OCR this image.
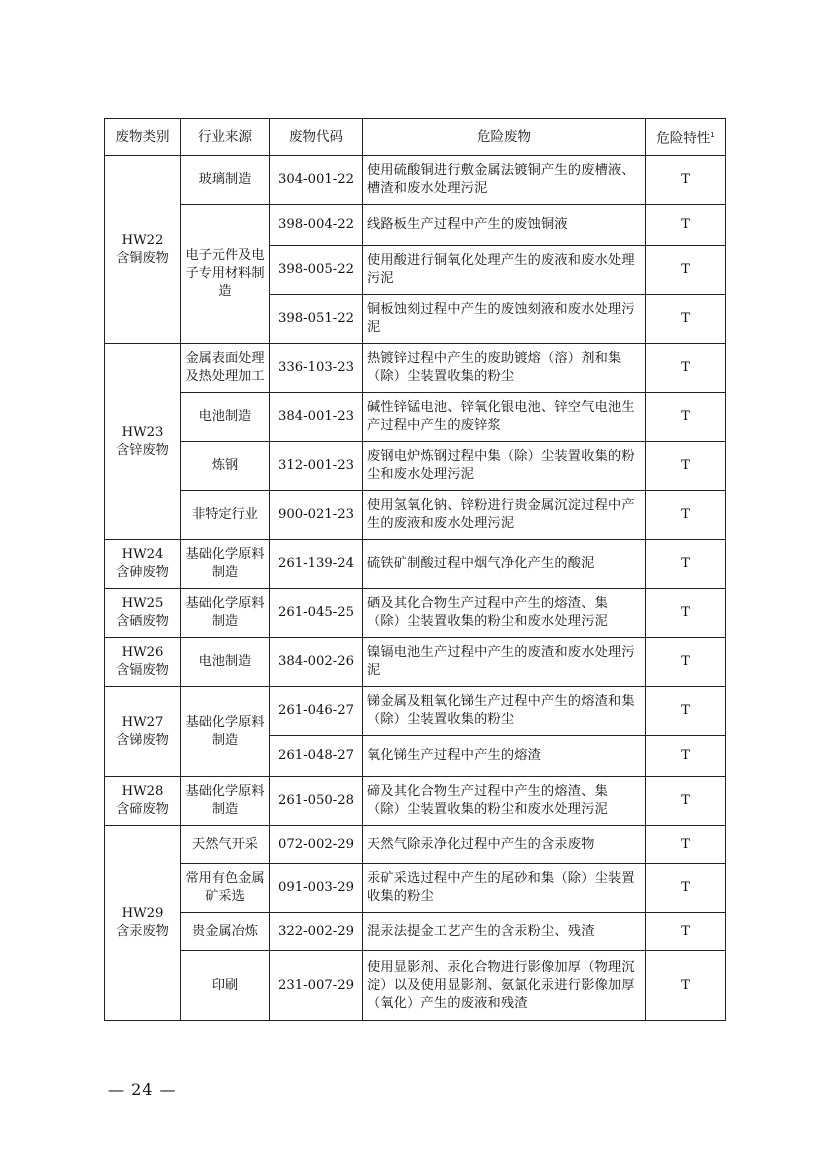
废物类别	行业来源	废物代码	危险废物	危险特性$^1$

HW22
含铜废物	玻璃制造	304-001-22	使用硫酸铜进行敷金属法镀铜产生的废槽液、槽渣和废水处理污泥	T
	电子元件及电子专用材料制造	398-004-22	线路板生产过程中产生的废蚀铜液	T
		398-005-22	使用酸进行铜氧化处理产生的废液和废水处理污泥	T
		398-051-22	铜板蚀刻过程中产生的废蚀刻液和废水处理污泥	T

HW23
含锌废物	金属表面处理及热处理加工	336-103-23	热镀锌过程中产生的废助镀熔（溶）剂和集（除）尘装置收集的粉尘	T
	电池制造	384-001-23	碱性锌锰电池、锌氧化银电池、锌空气电池生产过程中产生的废锌浆	T
	炼钢	312-001-23	废钢电炉炼钢过程中集（除）尘装置收集的粉尘和废水处理污泥	T
	非特定行业	900-021-23	使用氢氧化钠、锌粉进行贵金属沉淀过程中产生的废液和废水处理污泥	T

HW24
含砷废物	基础化学原料制造	261-139-24	硫铁矿制酸过程中烟气净化产生的酸泥	T

HW25
含硒废物	基础化学原料制造	261-045-25	硒及其化合物生产过程中产生的熔渣、集（除）尘装置收集的粉尘和废水处理污泥	T

HW26
含镉废物	电池制造	384-002-26	镍镉电池生产过程中产生的废渣和废水处理污泥	T

HW27
含锑废物	基础化学原料制造	261-046-27	锑金属及粗氧化锑生产过程中产生的熔渣和集（除）尘装置收集的粉尘	T
		261-048-27	氧化锑生产过程中产生的熔渣	T

HW28
含碲废物	基础化学原料制造	261-050-28	碲及其化合物生产过程中产生的熔渣、集（除）尘装置收集的粉尘和废水处理污泥	T

HW29
含汞废物	天然气开采	072-002-29	天然气除汞净化过程中产生的含汞废物	T
	常用有色金属矿采选	091-003-29	汞矿采选过程中产生的尾砂和集（除）尘装置收集的粉尘	T
	贵金属冶炼	322-002-29	混汞法提金工艺产生的含汞粉尘、残渣	T
	印刷	231-007-29	使用显影剂、汞化合物进行影像加厚（物理沉淀）以及使用显影剂、氨氯化汞进行影像加厚（氧化）产生的废液和残渣	T
— 24 —
